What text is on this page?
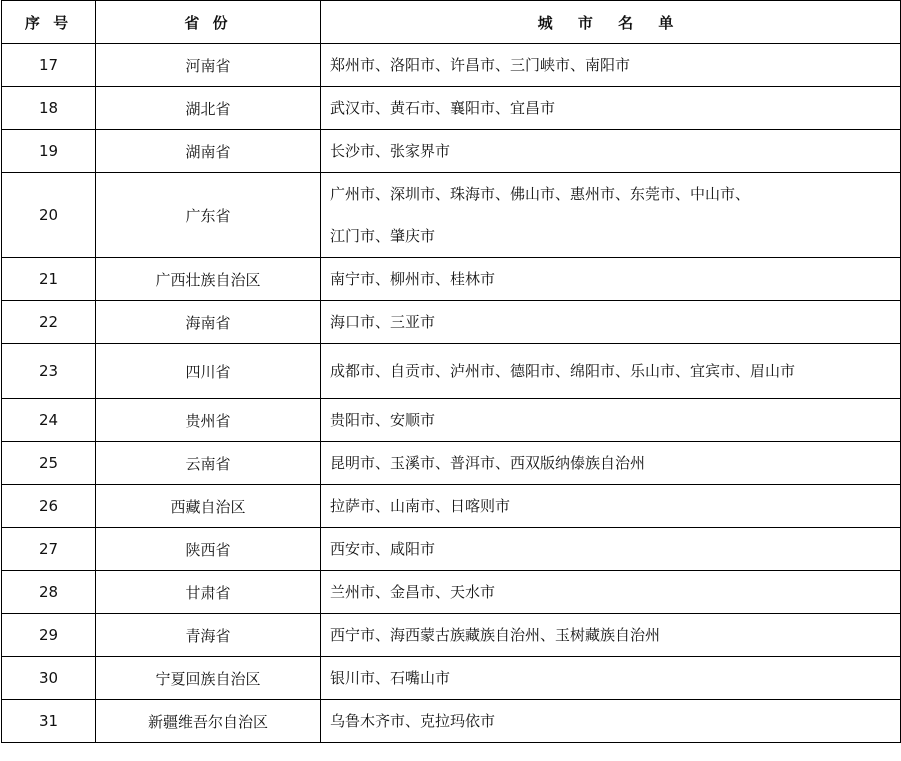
序 号	省 份	城 市 名 单
17	河南省	郑州市、洛阳市、许昌市、三门峡市、南阳市

18	湖北省	武汉市、黄石市、襄阳市、宜昌市

19	湖南省	长沙市、张家界市

20	广东省	广州市、深圳市、珠海市、佛山市、惠州市、东莞市、中山市、
江门市、肇庆市

21	广西壮族自治区	南宁市、柳州市、桂林市

22	海南省	海口市、三亚市

23	四川省	成都市、自贡市、泸州市、德阳市、绵阳市、乐山市、宜宾市、眉山市

24	贵州省	贵阳市、安顺市

25	云南省	昆明市、玉溪市、普洱市、西双版纳傣族自治州

26	西藏自治区	拉萨市、山南市、日喀则市

27	陕西省	西安市、咸阳市

28	甘肃省	兰州市、金昌市、天水市

29	青海省	西宁市、海西蒙古族藏族自治州、玉树藏族自治州

30	宁夏回族自治区	银川市、石嘴山市

31	新疆维吾尔自治区	乌鲁木齐市、克拉玛依市
